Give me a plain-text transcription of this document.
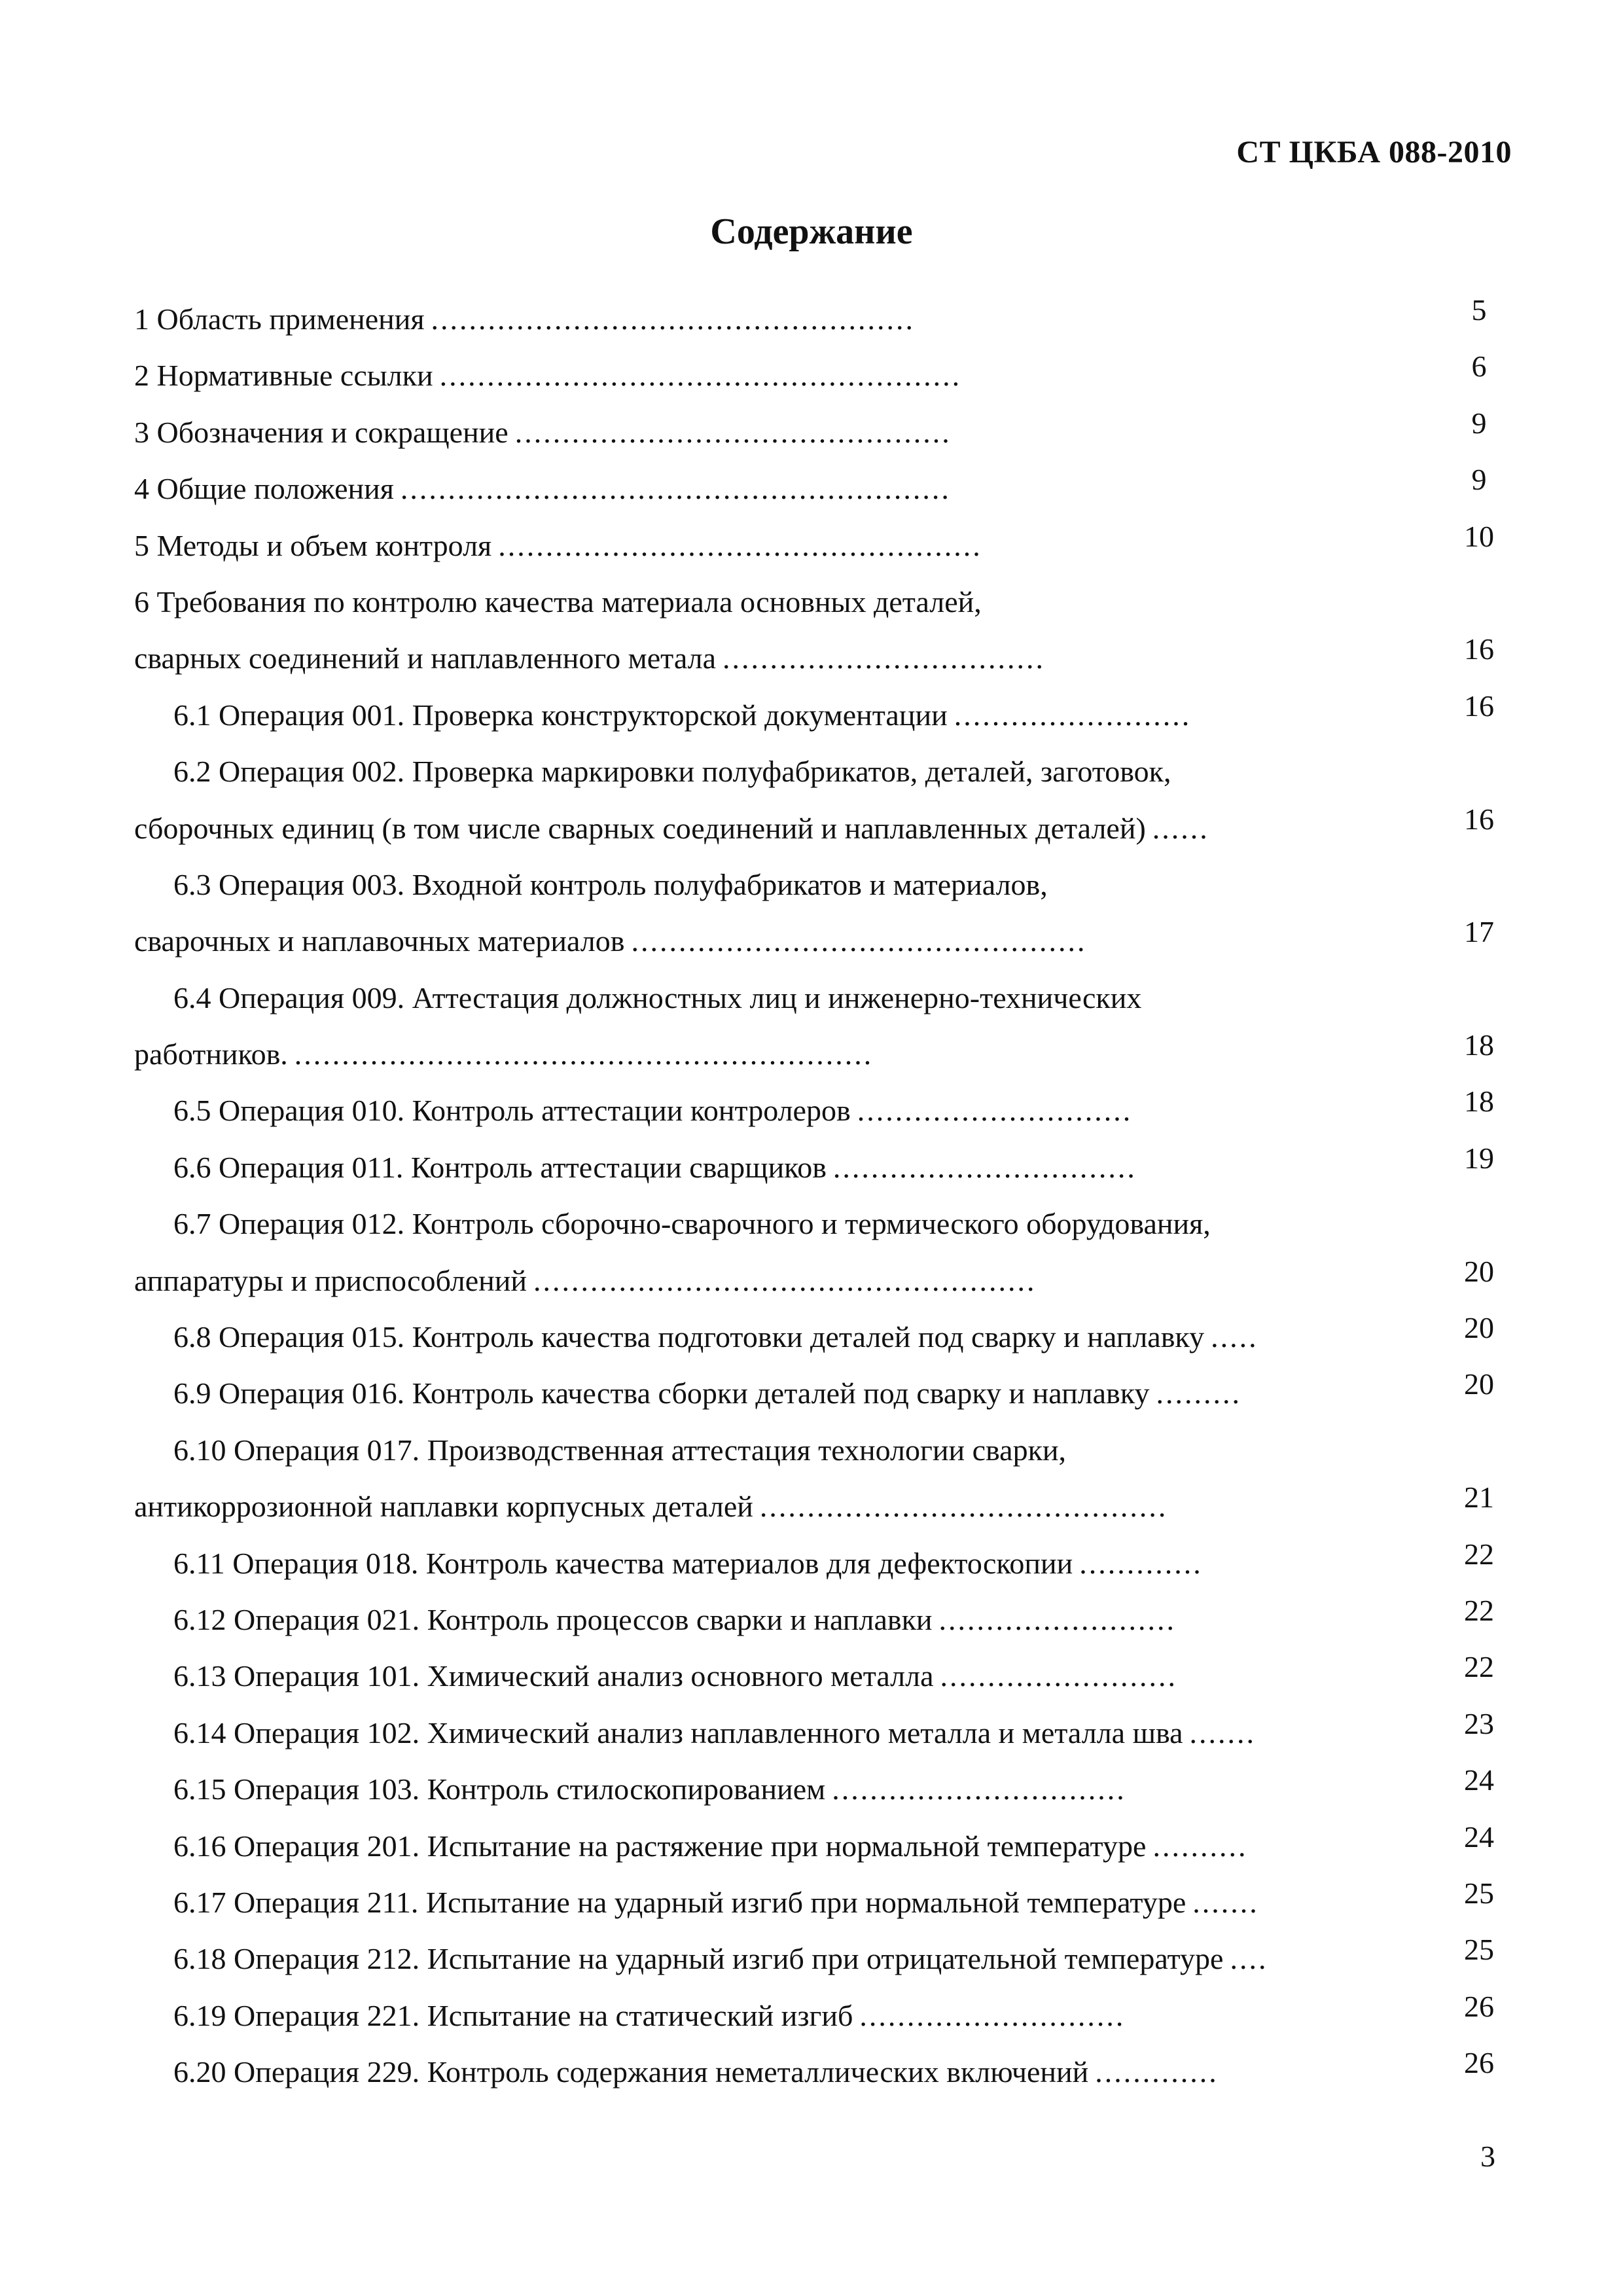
СТ ЦКБА 088-2010
Содержание
1 Область применения ...................................................	5
2 Нормативные ссылки .......................................................	6
3 Обозначения и сокращение ..............................................	9
4 Общие положения ..........................................................	9
5 Методы и объем контроля ...................................................	10
6 Требования по контролю качества материала основных деталей,
сварных соединений и наплавленного метала ..................................	16
6.1 Операция 001. Проверка конструкторской документации .........................	16
6.2 Операция 002. Проверка маркировки полуфабрикатов, деталей, заготовок,
сборочных единиц (в том числе сварных соединений и наплавленных деталей) ......	16
6.3 Операция 003. Входной контроль полуфабрикатов и материалов,
сварочных и наплавочных материалов ................................................	17
6.4 Операция 009. Аттестация должностных лиц и инженерно-технических
работников. .............................................................	18
6.5 Операция 010. Контроль аттестации контролеров .............................	18
6.6 Операция 011. Контроль аттестации сварщиков ................................	19
6.7 Операция 012. Контроль сборочно-сварочного и термического оборудования,
аппаратуры и приспособлений .....................................................	20
6.8 Операция 015. Контроль качества подготовки деталей под сварку и наплавку .....	20
6.9 Операция 016. Контроль качества сборки деталей под сварку и наплавку .........	20
6.10 Операция 017. Производственная аттестация технологии сварки,
антикоррозионной наплавки корпусных деталей ...........................................	21
6.11 Операция 018. Контроль качества материалов для дефектоскопии .............	22
6.12 Операция 021. Контроль процессов сварки и наплавки .........................	22
6.13 Операция 101. Химический анализ основного металла .........................	22
6.14 Операция 102. Химический анализ наплавленного металла и металла шва .......	23
6.15 Операция 103. Контроль стилоскопированием ...............................	24
6.16 Операция 201. Испытание на растяжение при нормальной температуре ..........	24
6.17 Операция 211. Испытание на ударный изгиб при нормальной температуре .......	25
6.18 Операция 212. Испытание на ударный изгиб при отрицательной температуре ....	25
6.19 Операция 221. Испытание на статический изгиб ............................	26
6.20 Операция 229. Контроль содержания неметаллических включений .............	26
3
